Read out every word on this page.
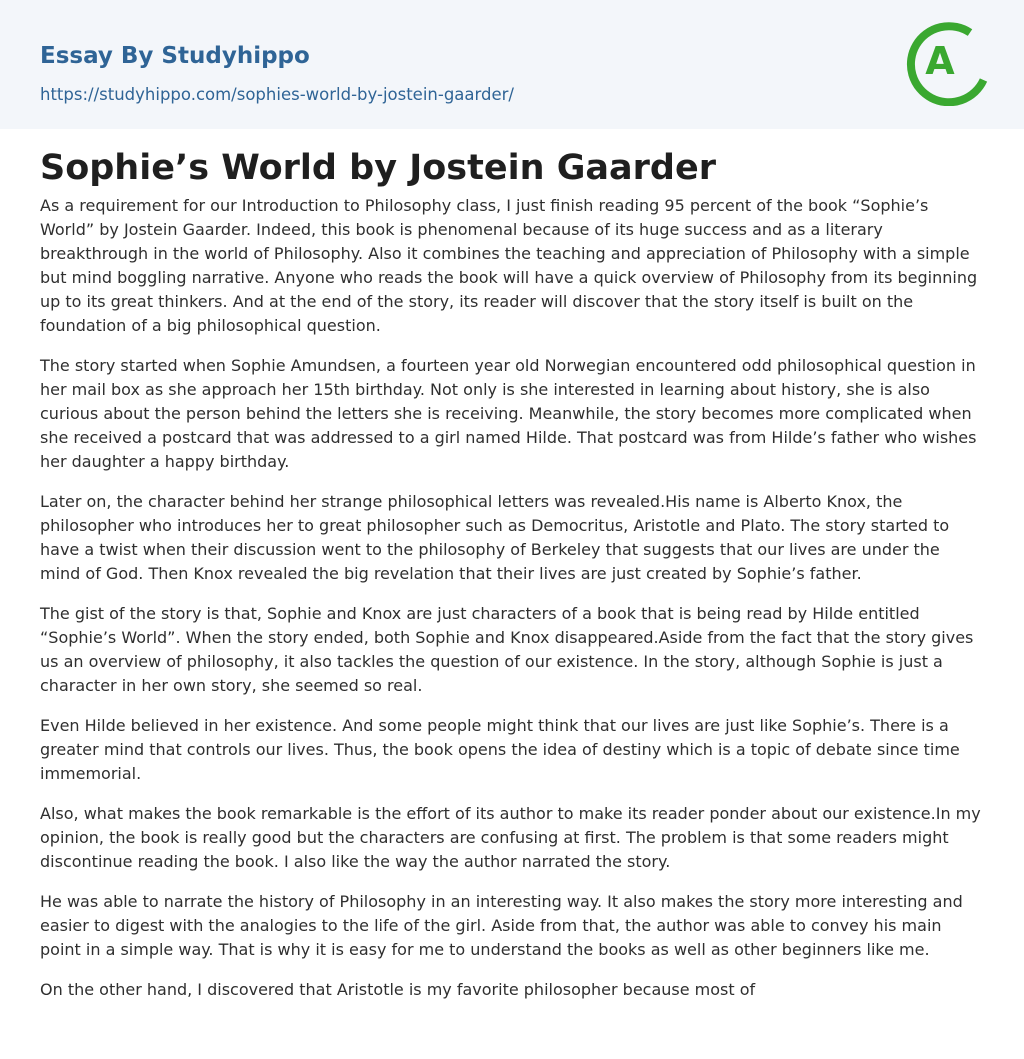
Essay By Studyhippo
https://studyhippo.com/sophies-world-by-jostein-gaarder/
A
Sophie’s World by Jostein Gaarder

As a requirement for our Introduction to Philosophy class, I just finish reading 95 percent of the book “Sophie’s World” by Jostein Gaarder. Indeed, this book is phenomenal because of its huge success and as a literary breakthrough in the world of Philosophy. Also it combines the teaching and appreciation of Philosophy with a simple but mind boggling narrative. Anyone who reads the book will have a quick overview of Philosophy from its beginning up to its great thinkers. And at the end of the story, its reader will discover that the story itself is built on the foundation of a big philosophical question.

The story started when Sophie Amundsen, a fourteen year old Norwegian encountered odd philosophical question in her mail box as she approach her 15th birthday. Not only is she interested in learning about history, she is also curious about the person behind the letters she is receiving. Meanwhile, the story becomes more complicated when she received a postcard that was addressed to a girl named Hilde. That postcard was from Hilde’s father who wishes her daughter a happy birthday.

Later on, the character behind her strange philosophical letters was revealed.His name is Alberto Knox, the philosopher who introduces her to great philosopher such as Democritus, Aristotle and Plato. The story started to have a twist when their discussion went to the philosophy of Berkeley that suggests that our lives are under the mind of God. Then Knox revealed the big revelation that their lives are just created by Sophie’s father.

The gist of the story is that, Sophie and Knox are just characters of a book that is being read by Hilde entitled “Sophie’s World”. When the story ended, both Sophie and Knox disappeared.Aside from the fact that the story gives us an overview of philosophy, it also tackles the question of our existence. In the story, although Sophie is just a character in her own story, she seemed so real.

Even Hilde believed in her existence. And some people might think that our lives are just like Sophie’s. There is a greater mind that controls our lives. Thus, the book opens the idea of destiny which is a topic of debate since time immemorial.

Also, what makes the book remarkable is the effort of its author to make its reader ponder about our existence.In my opinion, the book is really good but the characters are confusing at first. The problem is that some readers might discontinue reading the book. I also like the way the author narrated the story.

He was able to narrate the history of Philosophy in an interesting way. It also makes the story more interesting and easier to digest with the analogies to the life of the girl. Aside from that, the author was able to convey his main point in a simple way. That is why it is easy for me to understand the books as well as other beginners like me.

On the other hand, I discovered that Aristotle is my favorite philosopher because most of
